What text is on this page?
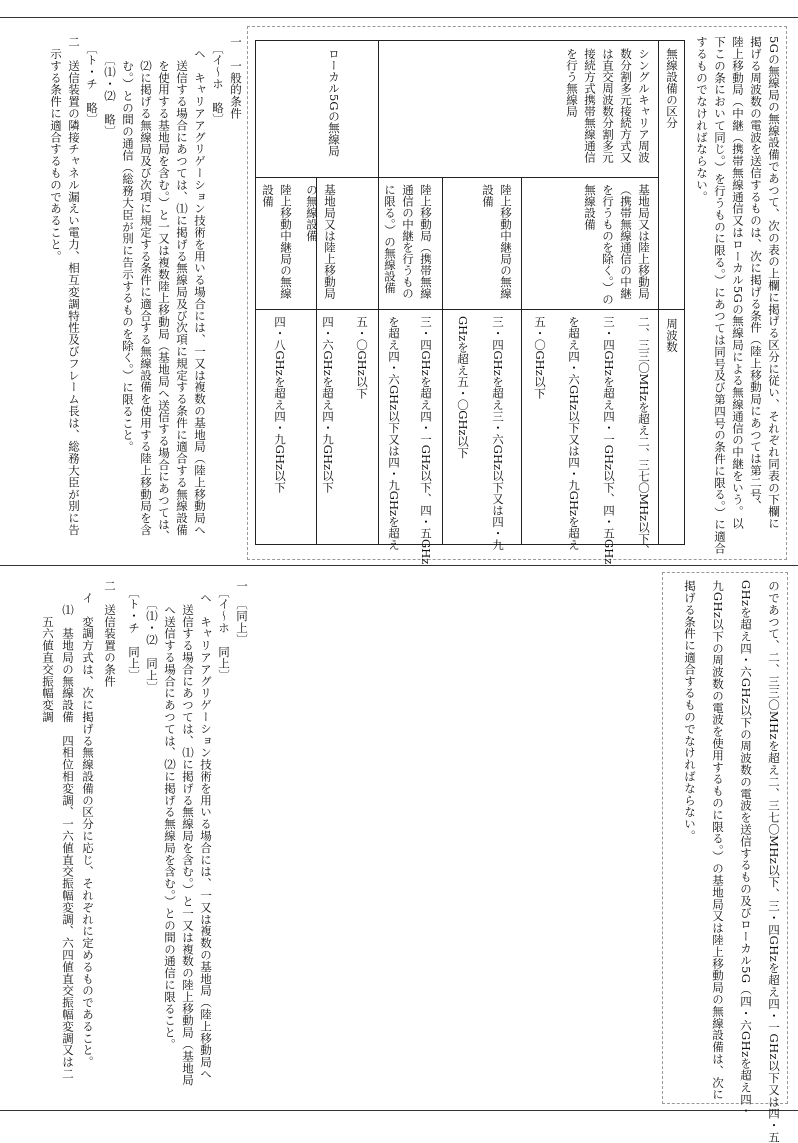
5Gの無線局の無線設備であつて、次の表の上欄に掲げる区分に従い、それぞれ同表の下欄に
掲げる周波数の電波を送信するものは、次に掲げる条件（陸上移動局にあつては第二号、
陸上移動局（中継（携帯無線通信又はローカル5Gの無線局による無線通信の中継をいう。以
下この条において同じ。）を行うものに限る。）にあつては同号及び第四号の条件に限る。）に適合
するものでなければならない。
無線設備の区分
周波数
シングルキャリア周波
数分割多元接続方式又
は直交周波数分割多元
接続方式携帯無線通信
を行う無線局
基地局又は陸上移動局
（携帯無線通信の中継
を行うものを除く。）の
無線設備
二、三三〇MHzを超え二、三七〇MHz以下、
三・四GHzを超え四・一GHz以下、四・五GHz
を超え四・六GHz以下又は四・九GHzを超え
五・〇GHz以下
陸上移動中継局の無線
設備
三・四GHzを超え三・六GHz以下又は四・九
GHzを超え五・〇GHz以下
陸上移動局（携帯無線
通信の中継を行うもの
に限る。）の無線設備
三・四GHzを超え四・一GHz以下、四・五GHz
を超え四・六GHz以下又は四・九GHzを超え
五・〇GHz以下
ローカル5Gの無線局
基地局又は陸上移動局
の無線設備
四・六GHzを超え四・九GHz以下
陸上移動中継局の無線
設備
四・八GHzを超え四・九GHz以下
一　一般的条件
　〔イ〜ホ　略〕
　ヘ　キャリアアグリゲーション技術を用いる場合には、一又は複数の基地局（陸上移動局へ
　　送信する場合にあつては、⑴に掲げる無線局及び次項に規定する条件に適合する無線設備
　　を使用する基地局を含む。）と一又は複数陸上移動局（基地局へ送信する場合にあつては、
　　⑵に掲げる無線局及び次項に規定する条件に適合する無線設備を使用する陸上移動局を含
　　む。）との間の通信（総務大臣が別に告示するものを除く。）に限ること。
　　〔⑴・⑵　略〕
　〔ト・チ　略〕
二　送信装置の隣接チャネル漏えい電力、相互変調特性及びフレーム長は、総務大臣が別に告
　示する条件に適合するものであること。
のであつて、二、三三〇MHzを超え二、三七〇MHz以下、三・四GHzを超え四・一GHz以下又は四・五
GHzを超え四・六GHz以下の周波数の電波を送信するもの及びローカル5G（四・六GHzを超え四・
九GHz以下の周波数の電波を使用するものに限る。）の基地局又は陸上移動局の無線設備は、次に
掲げる条件に適合するものでなければならない。
一　〔同上〕
　〔イ〜ホ　同上〕
　ヘ　キャリアアグリゲーション技術を用いる場合には、一又は複数の基地局（陸上移動局へ
　　送信する場合にあつては、⑴に掲げる無線局を含む。）と一又は複数の陸上移動局（基地局
　　へ送信する場合にあつては、⑵に掲げる無線局を含む。）との間の通信に限ること。
　　〔⑴・⑵　同上〕
　〔ト・チ　同上〕
二　送信装置の条件
　イ　変調方式は、次に掲げる無線設備の区分に応じ、それぞれに定めるものであること。
　　⑴　基地局の無線設備　四相位相変調、一六値直交振幅変調、六四値直交振幅変調又は二
　　　五六値直交振幅変調
